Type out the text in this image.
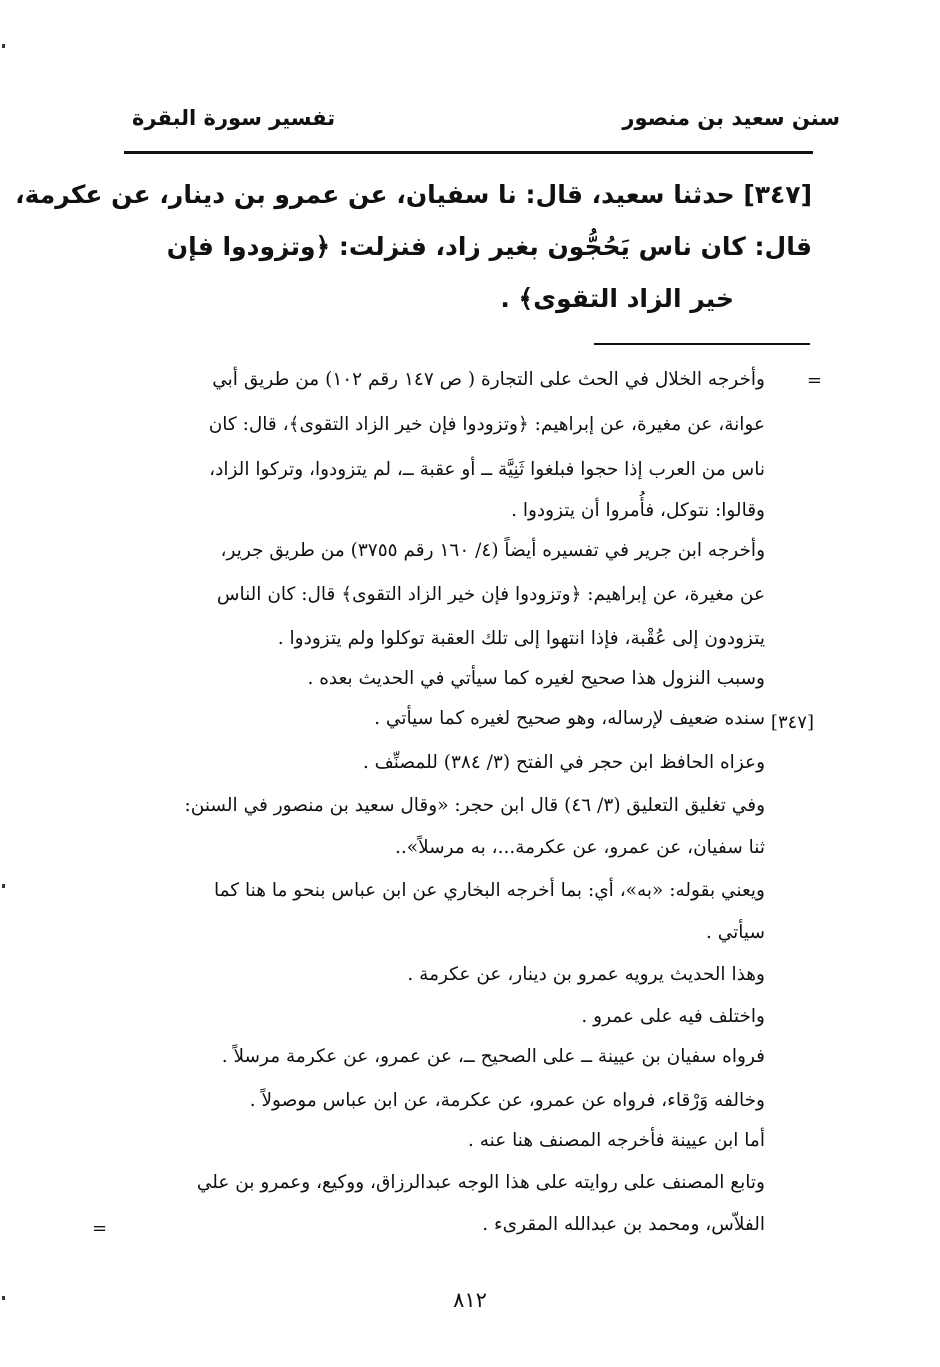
سنن سعيد بن منصور
تفسير سورة البقرة
[٣٤٧] حدثنا سعيد، قال: نا سفيان، عن عمرو بن دينار، عن عكرمة،
قال: كان ناس يَحُجُّون بغير زاد، فنزلت: ﴿وتزودوا فإن
خير الزاد التقوى﴾ .
=
وأخرجه الخلال في الحث على التجارة ( ص ١٤٧ رقم ١٠٢) من طريق أبي
عوانة، عن مغيرة، عن إبراهيم: ﴿وتزودوا فإن خير الزاد التقوى﴾، قال: كان
ناس من العرب إذا حجوا فبلغوا ثَنِيَّة ــ أو عقبة ــ، لم يتزودوا، وتركوا الزاد،
وقالوا: نتوكل، فأُمروا أن يتزودوا .
وأخرجه ابن جرير في تفسيره أيضاً (٤/ ١٦٠ رقم ٣٧٥٥) من طريق جرير،
عن مغيرة، عن إبراهيم: ﴿وتزودوا فإن خير الزاد التقوى﴾ قال: كان الناس
يتزودون إلى عُقْبة، فإذا انتهوا إلى تلك العقبة توكلوا ولم يتزودوا .
وسبب النزول هذا صحيح لغيره كما سيأتي في الحديث بعده .
[٣٤٧]
سنده ضعيف لإرساله، وهو صحيح لغيره كما سيأتي .
وعزاه الحافظ ابن حجر في الفتح (٣/ ٣٨٤) للمصنِّف .
وفي تغليق التعليق (٣/ ٤٦) قال ابن حجر: «وقال سعيد بن منصور في السنن:
ثنا سفيان، عن عمرو، عن عكرمة...، به مرسلاً»..
ويعني بقوله: «به»، أي: بما أخرجه البخاري عن ابن عباس بنحو ما هنا كما
سيأتي .
وهذا الحديث يرويه عمرو بن دينار، عن عكرمة .
واختلف فيه على عمرو .
فرواه سفيان بن عيينة ــ على الصحيح ــ، عن عمرو، عن عكرمة مرسلاً .
وخالفه وَرْقاء، فرواه عن عمرو، عن عكرمة، عن ابن عباس موصولاً .
أما ابن عيينة فأخرجه المصنف هنا عنه .
وتابع المصنف على روايته على هذا الوجه عبدالرزاق، ووكيع، وعمرو بن علي
الفلاّس، ومحمد بن عبدالله المقرىء .
=
٨١٢
